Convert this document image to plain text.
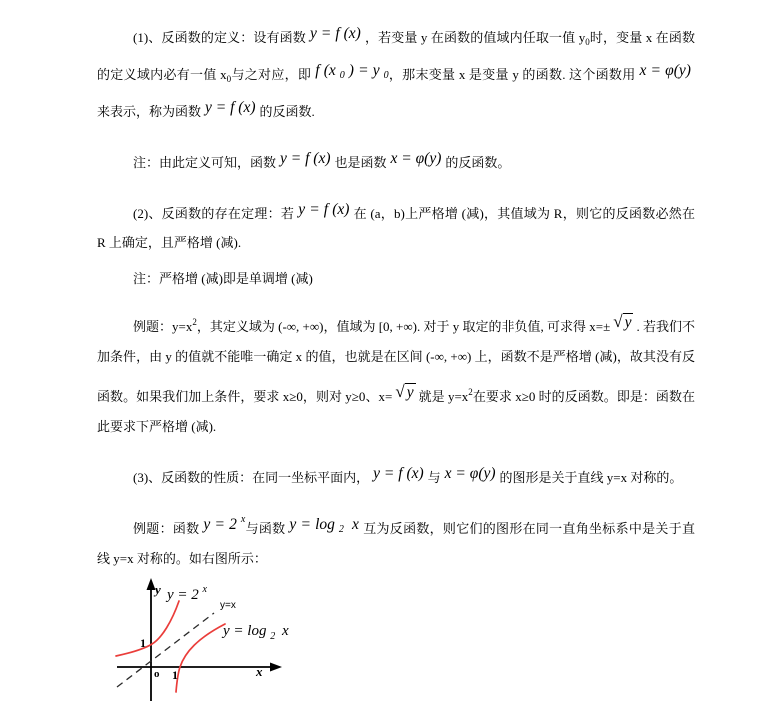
(1)、反函数的定义：设有函数 y = f (x) ，若变量 y 在函数的值域内任取一值 $y_0$时，变量 x 在函数的定义域内必有一值 $x_0$与之对应，即 f (x 0 ) = y 0，那末变量 x 是变量 y 的函数. 这个函数用 x = φ(y)来表示，称为函数 y = f (x) 的反函数.

注：由此定义可知，函数 y = f (x) 也是函数 x = φ(y) 的反函数。

(2)、反函数的存在定理：若 y = f (x) 在 (a，b)上严格增 (减)，其值域为 R，则它的反函数必然在 R 上确定，且严格增 (减).

注：严格增 (减)即是单调增 (减)

例题：$y=x^2$，其定义域为 (-∞, +∞)，值域为 [0, +∞). 对于 y 取定的非负值, 可求得 x=± √ y . 若我们不加条件，由 y 的值就不能唯一确定 x 的值，也就是在区间 (-∞, +∞) 上，函数不是严格增 (减)，故其没有反函数。如果我们加上条件，要求 x≥0，则对 y≥0、x= √ y 就是 $y=x^2$在要求 x≥0 时的反函数。即是：函数在此要求下严格增 (减).

(3)、反函数的性质：在同一坐标平面内， y = f (x) 与 x = φ(y) 的图形是关于直线 y=x 对称的。

例题：函数 y = 2 $^x$与函数 y = log 2 x 互为反函数，则它们的图形在同一直角坐标系中是关于直线 y=x 对称的。如右图所示：

y
x
o
1
1
y = 2 $^x$
y=x
y = log $_2$ x
